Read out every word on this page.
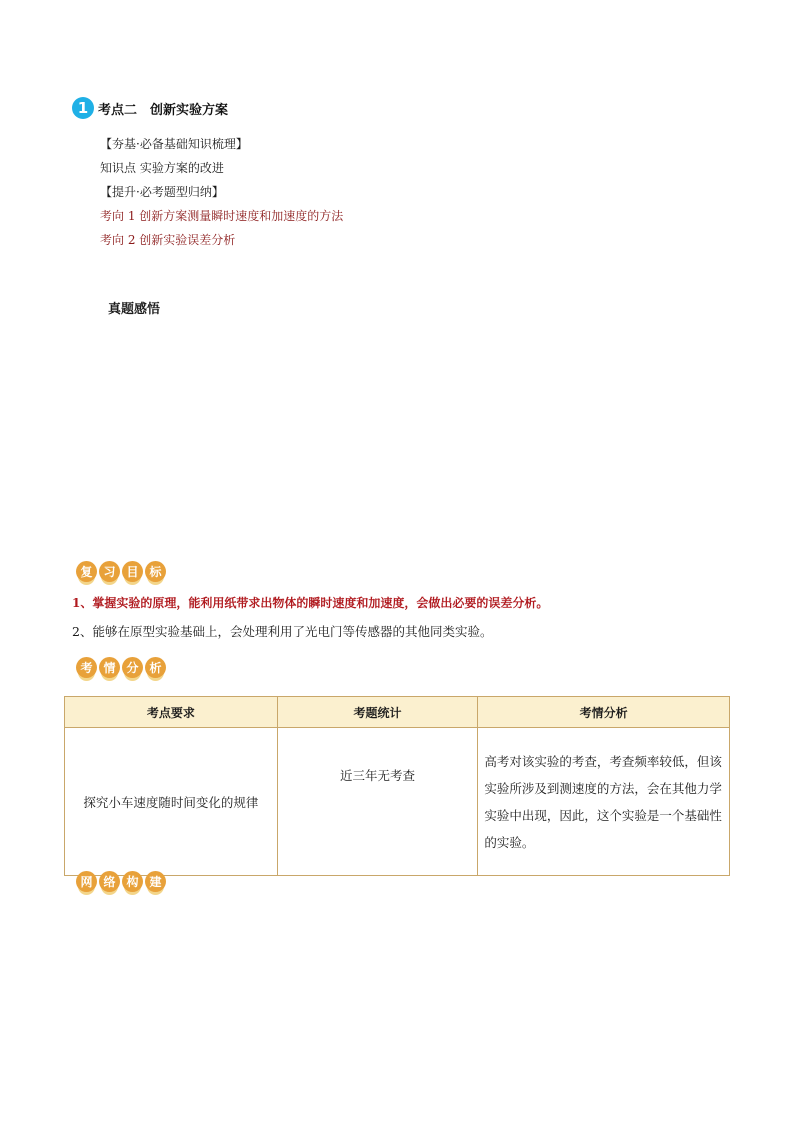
1 考点二　创新实验方案
【夯基·必备基础知识梳理】
知识点 实验方案的改进
【提升·必考题型归纳】
考向 1 创新方案测量瞬时速度和加速度的方法
考向 2 创新实验误差分析
真题感悟
复 习 目 标
1、掌握实验的原理，能利用纸带求出物体的瞬时速度和加速度，会做出必要的误差分析。
2、能够在原型实验基础上，会处理利用了光电门等传感器的其他同类实验。
考 情 分 析
考点要求	考题统计	考情分析
探究小车速度随时间变化的规律	近三年无考查	高考对该实验的考查，考查频率较低，但该实验所涉及到测速度的方法，会在其他力学实验中出现，因此，这个实验是一个基础性的实验。
网 络 构 建
